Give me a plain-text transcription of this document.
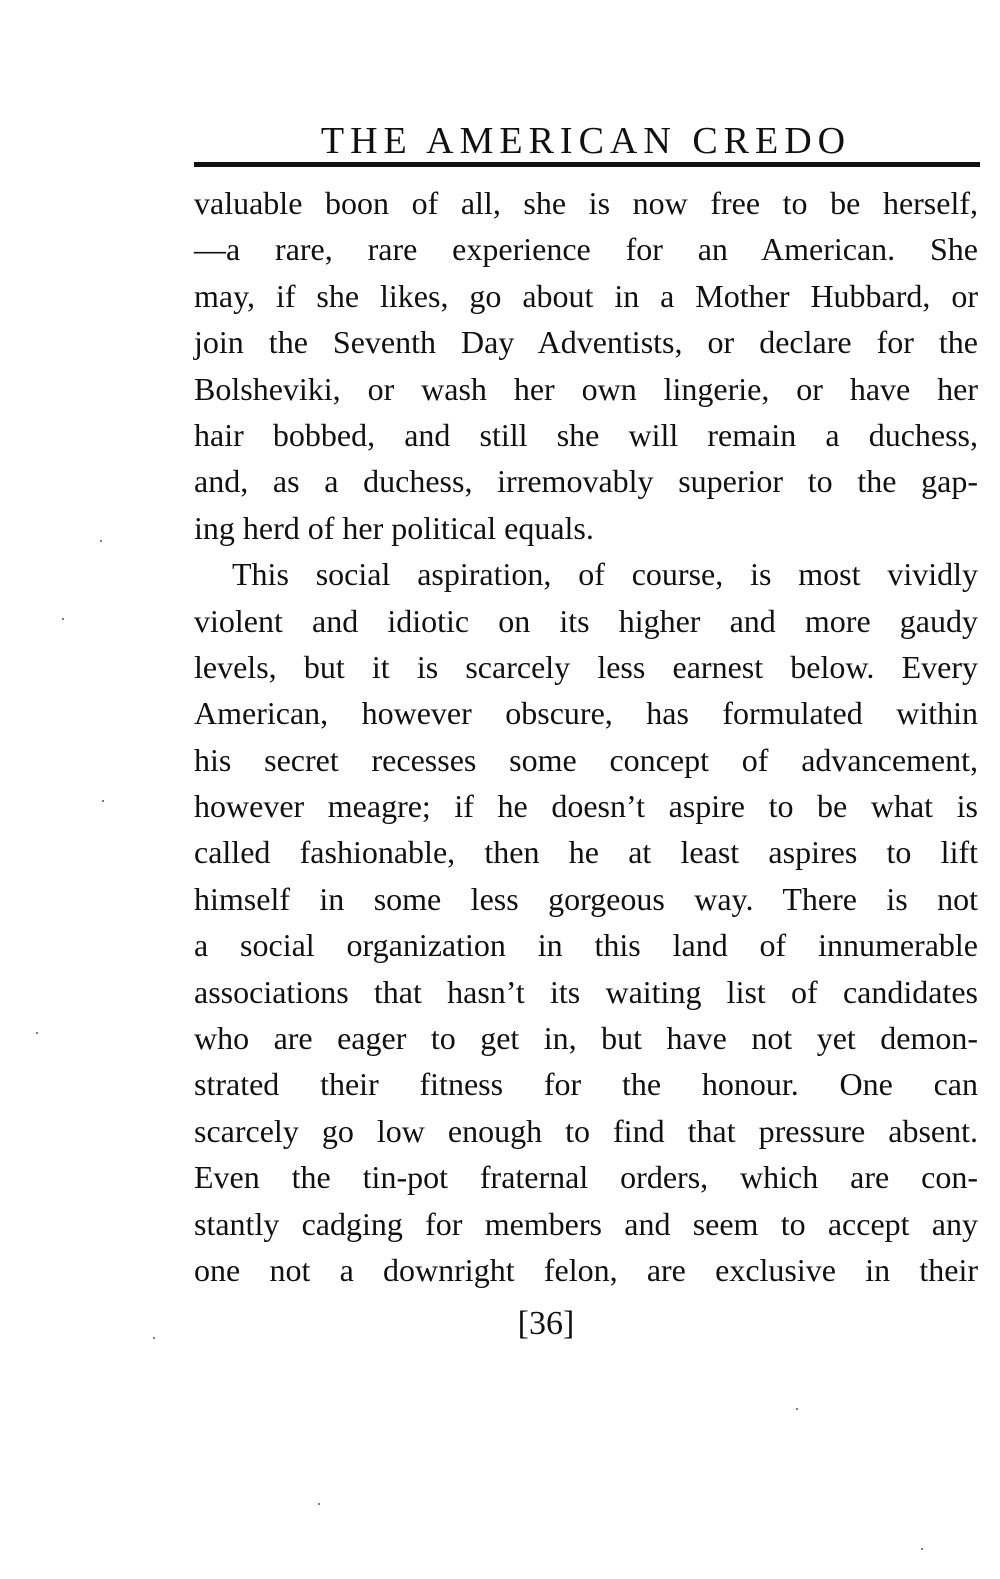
THE AMERICAN CREDO
valuable boon of all, she is now free to be herself,
—a rare, rare experience for an American. She
may, if she likes, go about in a Mother Hubbard, or
join the Seventh Day Adventists, or declare for the
Bolsheviki, or wash her own lingerie, or have her
hair bobbed, and still she will remain a duchess,
and, as a duchess, irremovably superior to the gap-
ing herd of her political equals.
This social aspiration, of course, is most vividly
violent and idiotic on its higher and more gaudy
levels, but it is scarcely less earnest below. Every
American, however obscure, has formulated within
his secret recesses some concept of advancement,
however meagre; if he doesn’t aspire to be what is
called fashionable, then he at least aspires to lift
himself in some less gorgeous way. There is not
a social organization in this land of innumerable
associations that hasn’t its waiting list of candidates
who are eager to get in, but have not yet demon-
strated their fitness for the honour. One can
scarcely go low enough to find that pressure absent.
Even the tin-pot fraternal orders, which are con-
stantly cadging for members and seem to accept any
one not a downright felon, are exclusive in their
[36]
